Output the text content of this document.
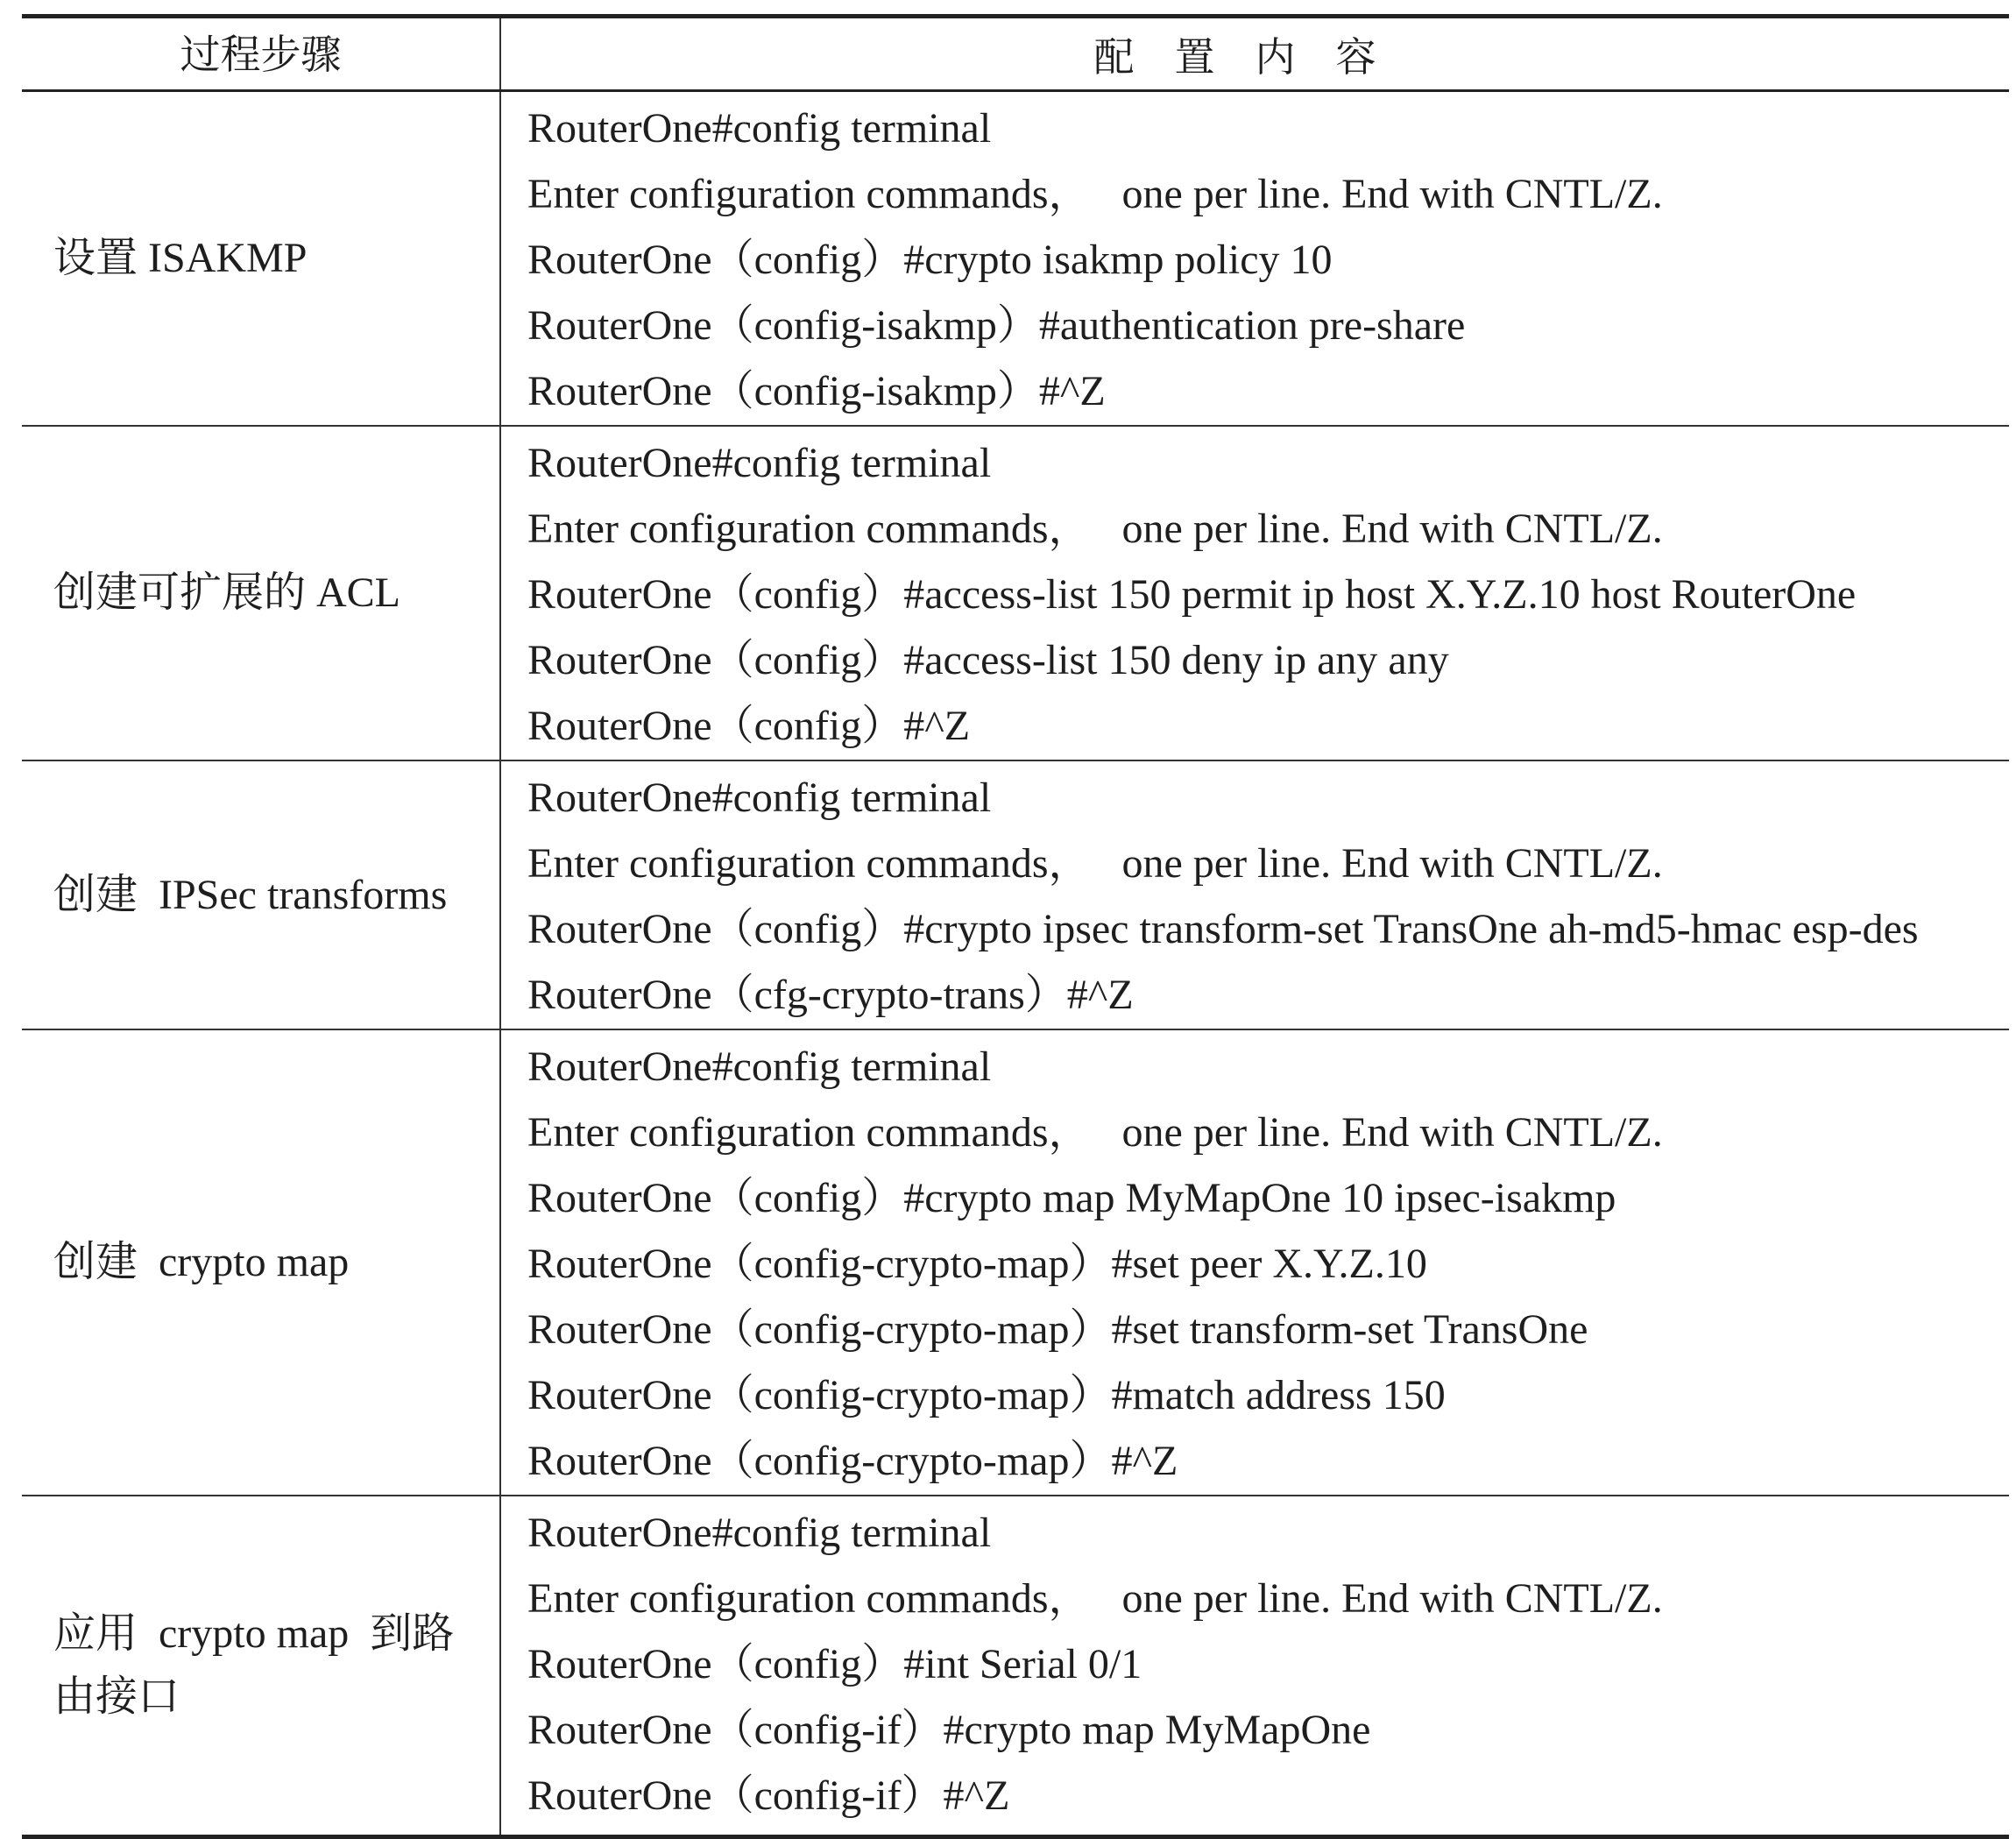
过程步骤	配置内容
设置 ISAKMP
RouterOne#config terminal
Enter configuration commands，   one per line. End with CNTL/Z.
RouterOne（config）#crypto isakmp policy 10
RouterOne（config-isakmp）#authentication pre-share
RouterOne（config-isakmp）#^Z
创建可扩展的 ACL
RouterOne#config terminal
Enter configuration commands，   one per line. End with CNTL/Z.
RouterOne（config）#access-list 150 permit ip host X.Y.Z.10 host RouterOne
RouterOne（config）#access-list 150 deny ip any any
RouterOne（config）#^Z
创建  IPSec transforms
RouterOne#config terminal
Enter configuration commands，   one per line. End with CNTL/Z.
RouterOne（config）#crypto ipsec transform-set TransOne ah-md5-hmac esp-des
RouterOne（cfg-crypto-trans）#^Z
创建  crypto map
RouterOne#config terminal
Enter configuration commands，   one per line. End with CNTL/Z.
RouterOne（config）#crypto map MyMapOne 10 ipsec-isakmp
RouterOne（config-crypto-map）#set peer X.Y.Z.10
RouterOne（config-crypto-map）#set transform-set TransOne
RouterOne（config-crypto-map）#match address 150
RouterOne（config-crypto-map）#^Z
应用  crypto map  到路
由接口
RouterOne#config terminal
Enter configuration commands，   one per line. End with CNTL/Z.
RouterOne（config）#int Serial 0/1
RouterOne（config-if）#crypto map MyMapOne
RouterOne（config-if）#^Z
